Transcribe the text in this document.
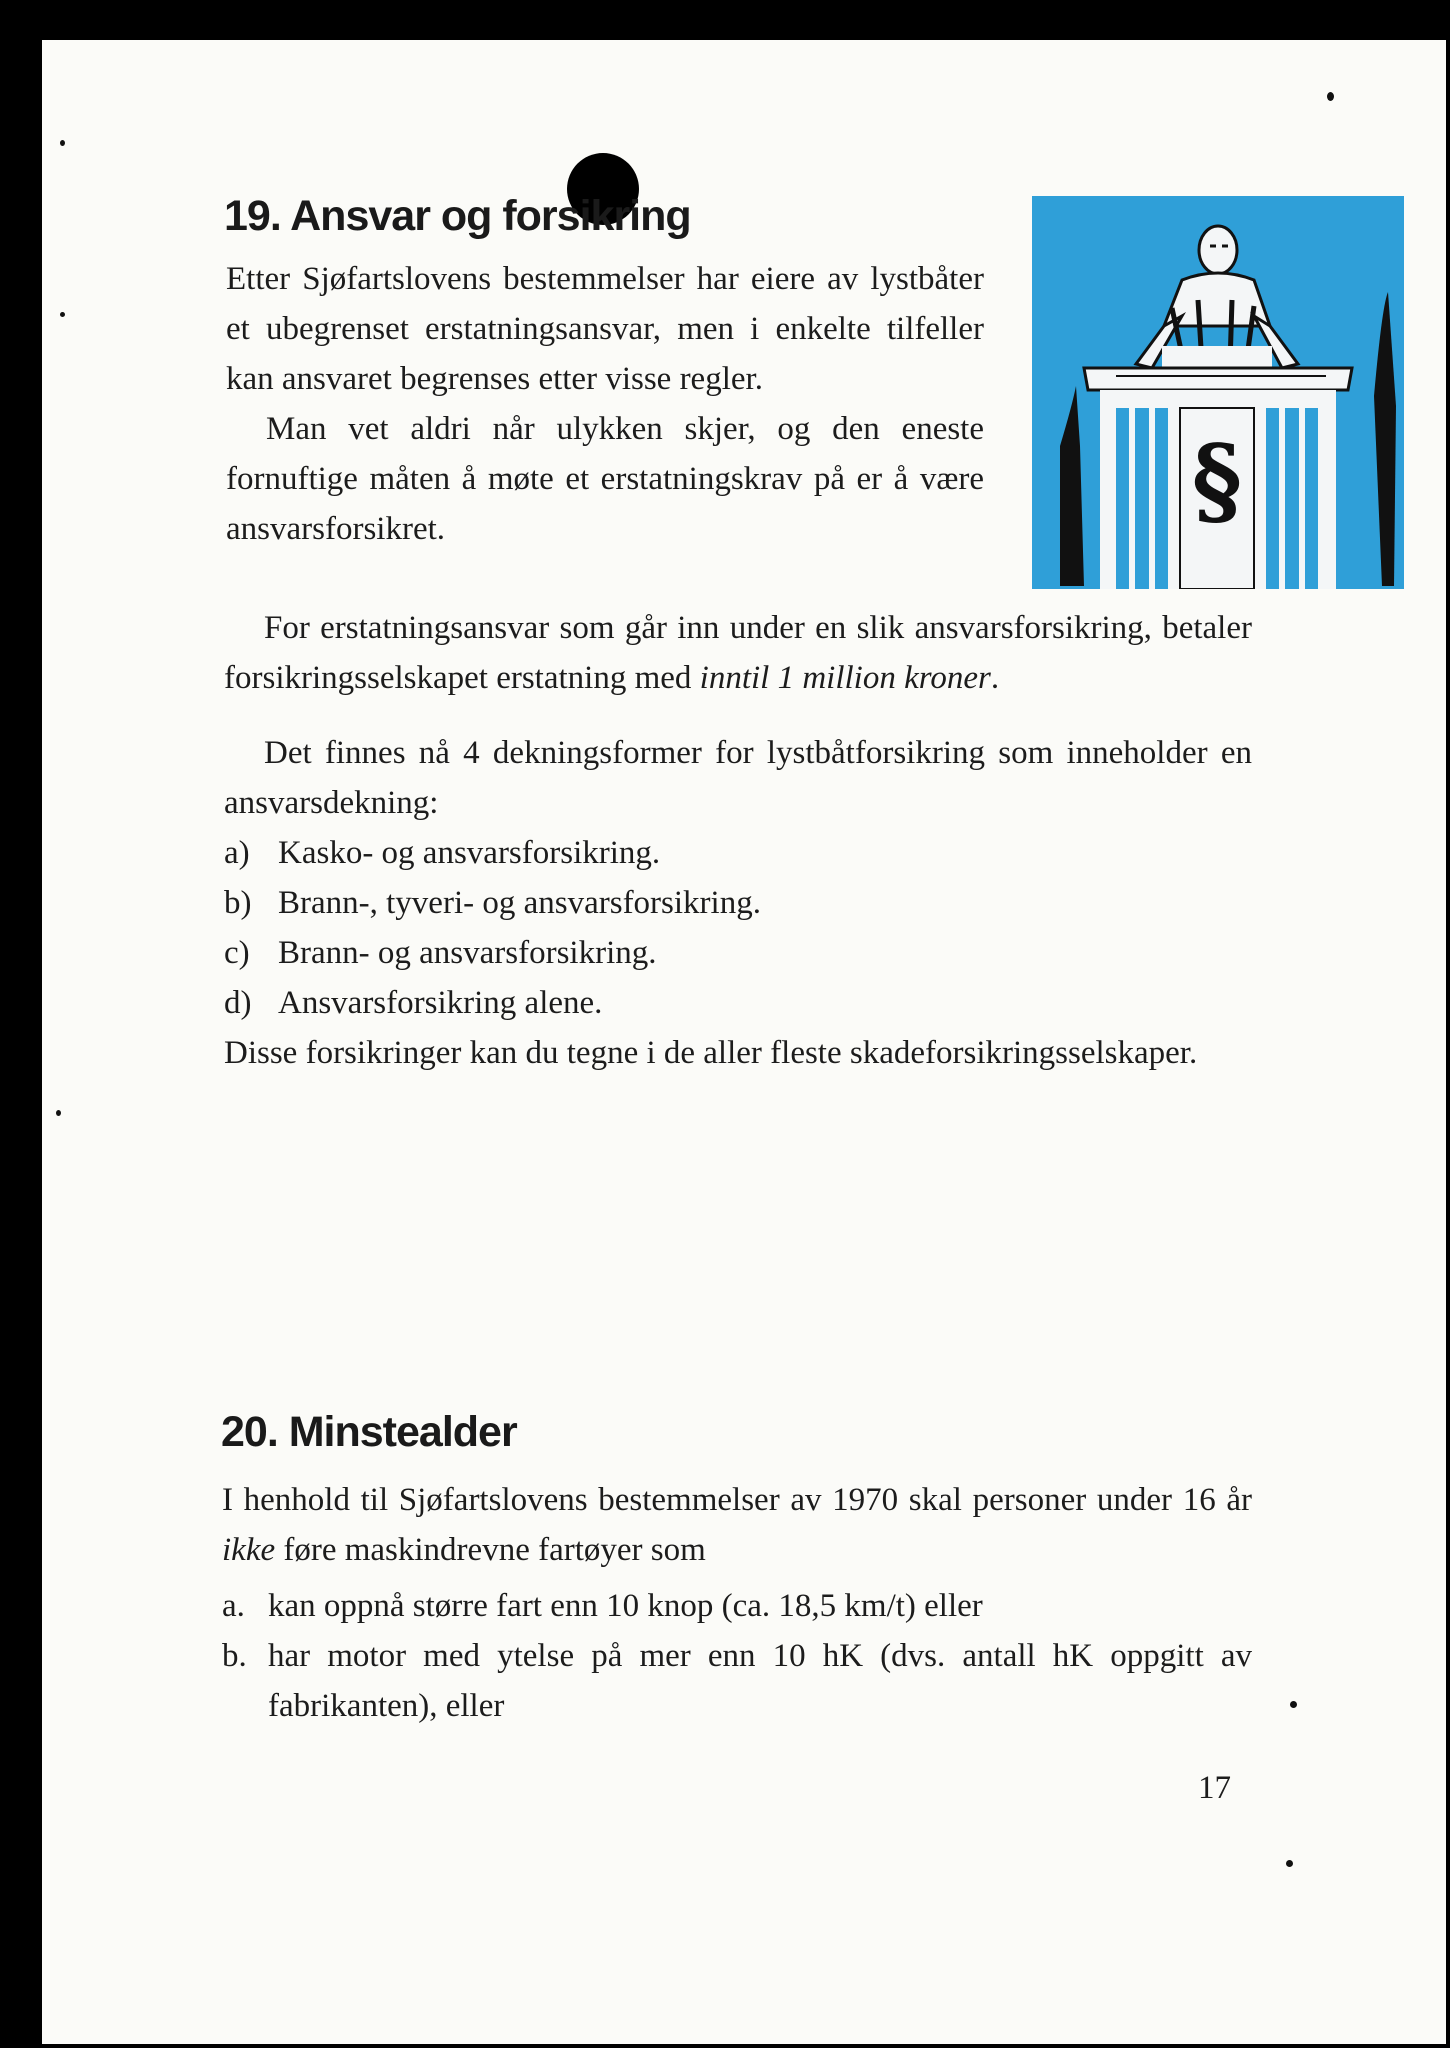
19. Ansvar og forsikring

Etter Sjøfartslovens bestemmelser har eiere av lystbåter et ubegrenset erstatningsansvar, men i enkelte tilfeller kan ansvaret begrenses etter visse regler.

Man vet aldri når ulykken skjer, og den eneste fornuftige måten å møte et erstatningskrav på er å være ansvarsforsikret.

For erstatningsansvar som går inn under en slik ansvarsforsikring, betaler forsikringsselskapet erstatning med inntil 1 million kroner.

Det finnes nå 4 dekningsformer for lystbåtforsikring som inneholder en ansvarsdekning:

a) Kasko- og ansvarsforsikring.
b) Brann-, tyveri- og ansvarsforsikring.
c) Brann- og ansvarsforsikring.
d) Ansvarsforsikring alene.

Disse forsikringer kan du tegne i de aller fleste skadeforsikringsselskaper.

§
20. Minstealder

I henhold til Sjøfartslovens bestemmelser av 1970 skal personer under 16 år ikke føre maskindrevne fartøyer som

a. kan oppnå større fart enn 10 knop (ca. 18,5 km/t) eller
b. har motor med ytelse på mer enn 10 hK (dvs. antall hK oppgitt av fabrikanten), eller
17
